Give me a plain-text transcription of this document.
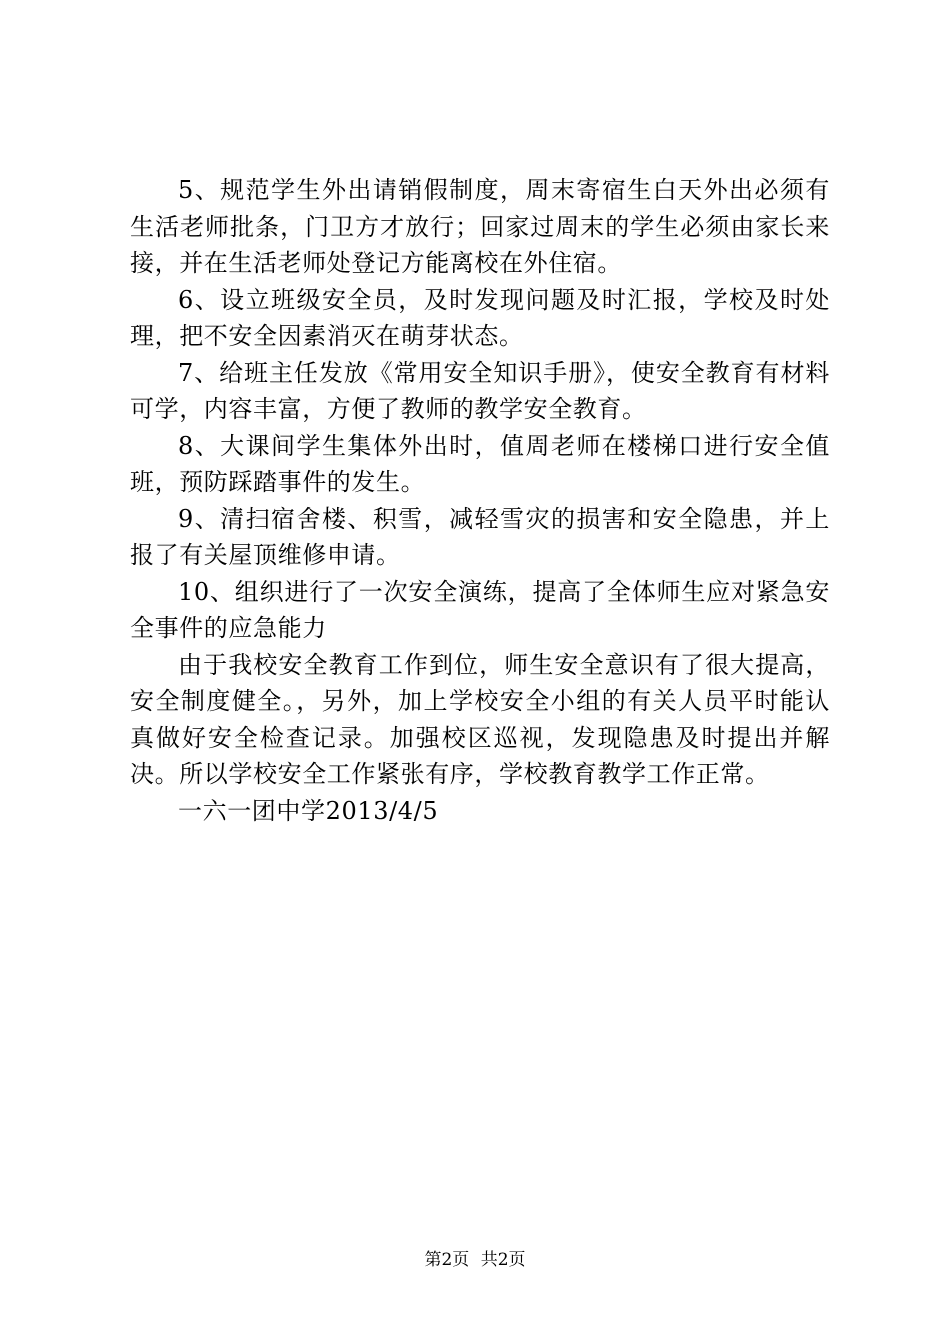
5、规范学生外出请销假制度，周末寄宿生白天外出必须有生活老师批条，门卫方才放行；回家过周末的学生必须由家长来接，并在生活老师处登记方能离校在外住宿。

6、设立班级安全员，及时发现问题及时汇报，学校及时处理，把不安全因素消灭在萌芽状态。

7、给班主任发放《常用安全知识手册》，使安全教育有材料可学，内容丰富，方便了教师的教学安全教育。

8、大课间学生集体外出时，值周老师在楼梯口进行安全值班，预防踩踏事件的发生。

9、清扫宿舍楼、积雪，减轻雪灾的损害和安全隐患，并上报了有关屋顶维修申请。

10、组织进行了一次安全演练，提高了全体师生应对紧急安全事件的应急能力

由于我校安全教育工作到位，师生安全意识有了很大提高，安全制度健全。，另外，加上学校安全小组的有关人员平时能认真做好安全检查记录。加强校区巡视，发现隐患及时提出并解决。所以学校安全工作紧张有序，学校教育教学工作正常。

一六一团中学2013/4/5

第2页 共2页
